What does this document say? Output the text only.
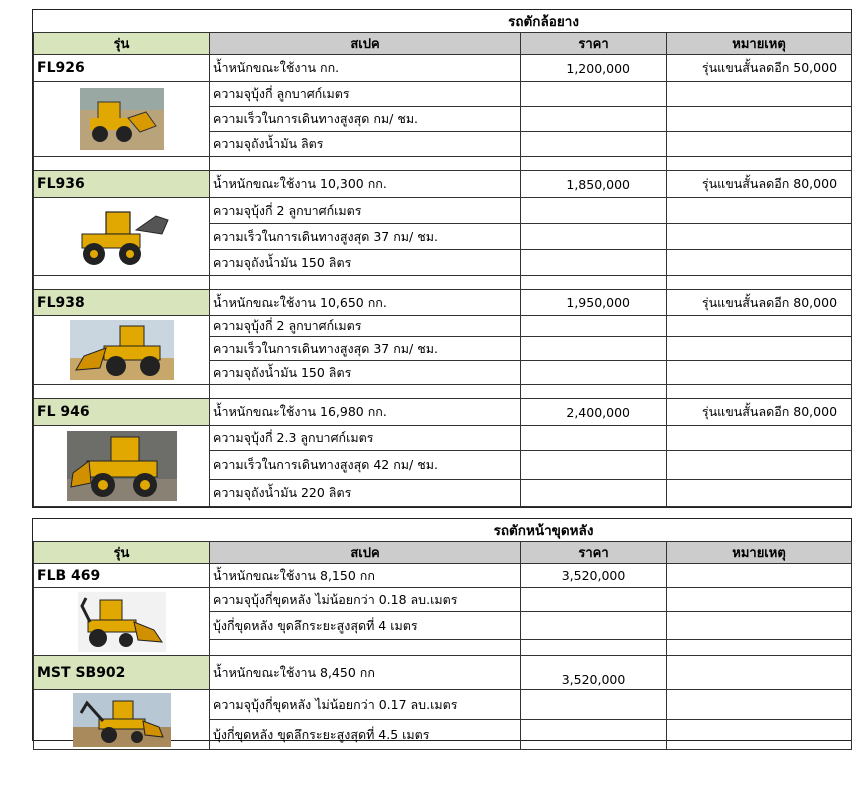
รถตักล้อยาง			
รุ่น	สเปค	ราคา	หมายเหตุ
FL926	น้ำหนักขณะใช้งาน กก.	1,200,000	รุ่นแขนสั้นลดอีก 50,000

	ความจุบุ้งกี่ ลูกบาศก์เมตร		
	ความเร็วในการเดินทางสูงสุด กม/ ชม.		
	ความจุถังน้ำมัน ลิตร		

FL936	น้ำหนักขณะใช้งาน 10,300 กก.	1,850,000	รุ่นแขนสั้นลดอีก 80,000

	ความจุบุ้งกี่ 2 ลูกบาศก์เมตร		
	ความเร็วในการเดินทางสูงสุด 37 กม/ ชม.		
	ความจุถังน้ำมัน 150 ลิตร		

FL938	น้ำหนักขณะใช้งาน 10,650 กก.	1,950,000	รุ่นแขนสั้นลดอีก 80,000

	ความจุบุ้งกี่ 2 ลูกบาศก์เมตร		
	ความเร็วในการเดินทางสูงสุด 37 กม/ ชม.		
	ความจุถังน้ำมัน 150 ลิตร		

FL 946	น้ำหนักขณะใช้งาน 16,980 กก.	2,400,000	รุ่นแขนสั้นลดอีก 80,000

	ความจุบุ้งกี่ 2.3 ลูกบาศก์เมตร		
	ความเร็วในการเดินทางสูงสุด 42 กม/ ชม.		
	ความจุถังน้ำมัน 220 ลิตร		
รถตักหน้าขุดหลัง			
รุ่น	สเปค	ราคา	หมายเหตุ
FLB 469	น้ำหนักขณะใช้งาน 8,150 กก	3,520,000	

	ความจุบุ้งกี่ขุดหลัง ไม่น้อยกว่า 0.18 ลบ.เมตร		
	บุ้งกี่ขุดหลัง ขุดลึกระยะสูงสุดที่ 4 เมตร		

MST SB902	น้ำหนักขณะใช้งาน 8,450 กก	3,520,000	

	ความจุบุ้งกี่ขุดหลัง ไม่น้อยกว่า 0.17 ลบ.เมตร		
	บุ้งกี่ขุดหลัง ขุดลึกระยะสูงสุดที่ 4.5 เมตร		
